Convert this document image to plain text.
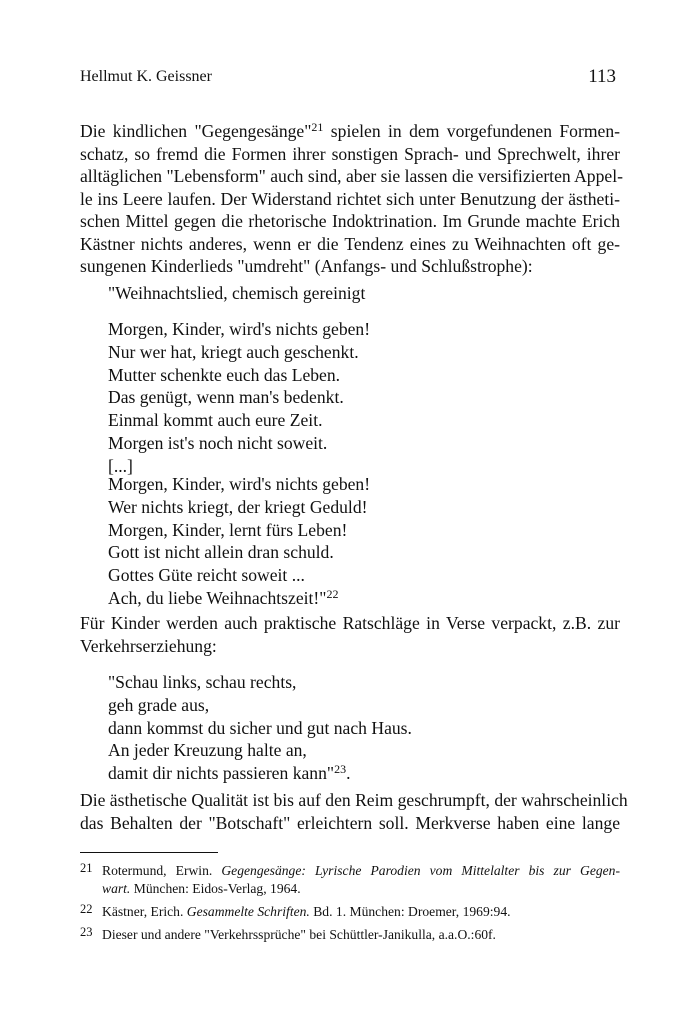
Hellmut K. Geissner	113
Die kindlichen "Gegengesänge"$^{21}$ spielen in dem vorgefundenen Formen-
schatz, so fremd die Formen ihrer sonstigen Sprach- und Sprechwelt, ihrer
alltäglichen "Lebensform" auch sind, aber sie lassen die versifizierten Appel-
le ins Leere laufen. Der Widerstand richtet sich unter Benutzung der ästheti-
schen Mittel gegen die rhetorische Indoktrination. Im Grunde machte Erich
Kästner nichts anderes, wenn er die Tendenz eines zu Weihnachten oft ge-
sungenen Kinderlieds "umdreht" (Anfangs- und Schlußstrophe):
"Weihnachtslied, chemisch gereinigt
Morgen, Kinder, wird's nichts geben!
Nur wer hat, kriegt auch geschenkt.
Mutter schenkte euch das Leben.
Das genügt, wenn man's bedenkt.
Einmal kommt auch eure Zeit.
Morgen ist's noch nicht soweit.
[...]
Morgen, Kinder, wird's nichts geben!
Wer nichts kriegt, der kriegt Geduld!
Morgen, Kinder, lernt fürs Leben!
Gott ist nicht allein dran schuld.
Gottes Güte reicht soweit ...
Ach, du liebe Weihnachtszeit!"$^{22}$
Für Kinder werden auch praktische Ratschläge in Verse verpackt, z.B. zur
Verkehrserziehung:
"Schau links, schau rechts,
geh grade aus,
dann kommst du sicher und gut nach Haus.
An jeder Kreuzung halte an,
damit dir nichts passieren kann"$^{23}$.
Die ästhetische Qualität ist bis auf den Reim geschrumpft, der wahrscheinlich
das Behalten der "Botschaft" erleichtern soll. Merkverse haben eine lange
21 Rotermund, Erwin. Gegengesänge: Lyrische Parodien vom Mittelalter bis zur Gegen-
wart. München: Eidos-Verlag, 1964.
22 Kästner, Erich. Gesammelte Schriften. Bd. 1. München: Droemer, 1969:94.
23 Dieser und andere "Verkehrssprüche" bei Schüttler-Janikulla, a.a.O.:60f.
